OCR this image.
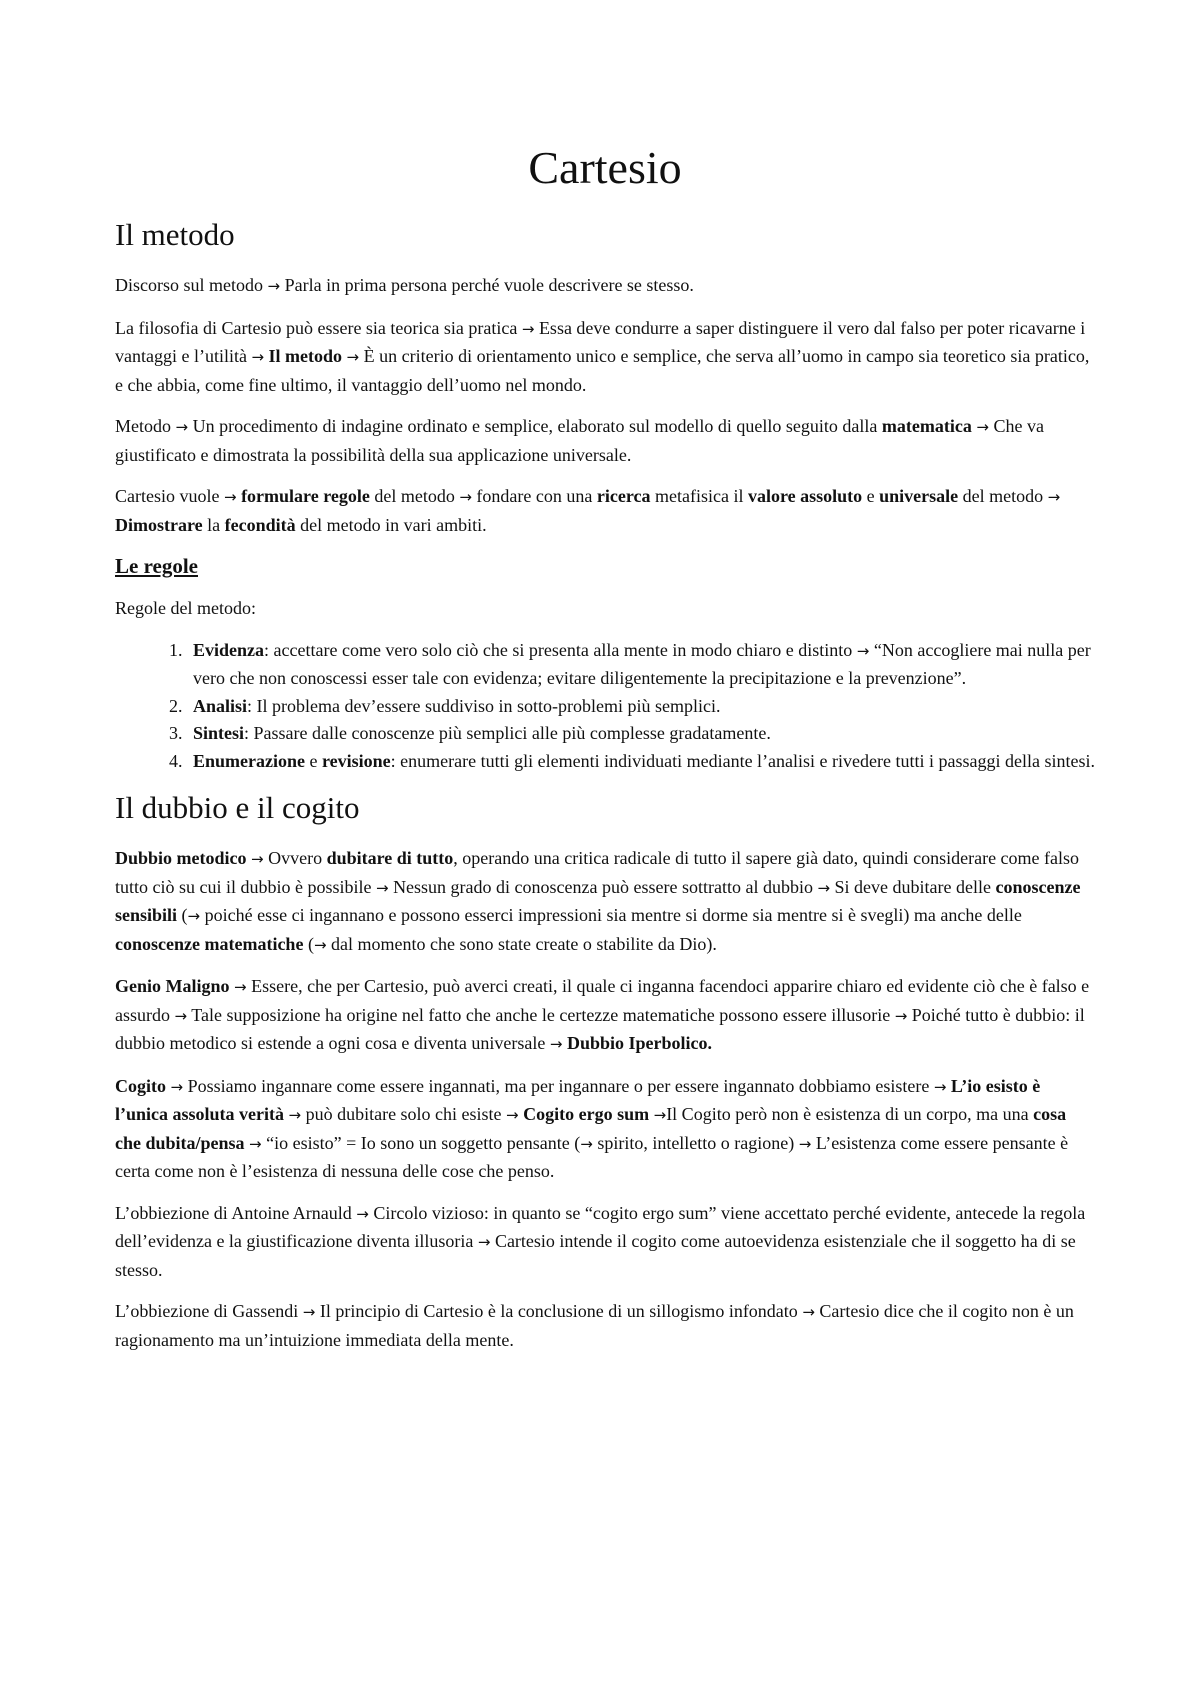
Cartesio
Il metodo

Discorso sul metodo → Parla in prima persona perché vuole descrivere se stesso.

La filosofia di Cartesio può essere sia teorica sia pratica → Essa deve condurre a saper distinguere il vero dal falso per poter ricavarne i vantaggi e l’utilità → Il metodo → È un criterio di orientamento unico e semplice, che serva all’uomo in campo sia teoretico sia pratico, e che abbia, come fine ultimo, il vantaggio dell’uomo nel mondo.

Metodo → Un procedimento di indagine ordinato e semplice, elaborato sul modello di quello seguito dalla matematica → Che va giustificato e dimostrata la possibilità della sua applicazione universale.

Cartesio vuole → formulare regole del metodo → fondare con una ricerca metafisica il valore assoluto e universale del metodo → Dimostrare la fecondità del metodo in vari ambiti.

Le regole

Regole del metodo:

1. Evidenza: accettare come vero solo ciò che si presenta alla mente in modo chiaro e distinto → “Non accogliere mai nulla per vero che non conoscessi esser tale con evidenza; evitare diligentemente la precipitazione e la prevenzione”.
2. Analisi: Il problema dev’essere suddiviso in sotto-problemi più semplici.
3. Sintesi: Passare dalle conoscenze più semplici alle più complesse gradatamente.
4. Enumerazione e revisione: enumerare tutti gli elementi individuati mediante l’analisi e rivedere tutti i passaggi della sintesi.
Il dubbio e il cogito

Dubbio metodico → Ovvero dubitare di tutto, operando una critica radicale di tutto il sapere già dato, quindi considerare come falso tutto ciò su cui il dubbio è possibile → Nessun grado di conoscenza può essere sottratto al dubbio → Si deve dubitare delle conoscenze sensibili (→ poiché esse ci ingannano e possono esserci impressioni sia mentre si dorme sia mentre si è svegli) ma anche delle conoscenze matematiche (→ dal momento che sono state create o stabilite da Dio).

Genio Maligno → Essere, che per Cartesio, può averci creati, il quale ci inganna facendoci apparire chiaro ed evidente ciò che è falso e assurdo → Tale supposizione ha origine nel fatto che anche le certezze matematiche possono essere illusorie → Poiché tutto è dubbio: il dubbio metodico si estende a ogni cosa e diventa universale → Dubbio Iperbolico.

Cogito → Possiamo ingannare come essere ingannati, ma per ingannare o per essere ingannato dobbiamo esistere → L’io esisto è l’unica assoluta verità → può dubitare solo chi esiste → Cogito ergo sum →Il Cogito però non è esistenza di un corpo, ma una cosa che dubita/pensa → “io esisto” = Io sono un soggetto pensante (→ spirito, intelletto o ragione) → L’esistenza come essere pensante è certa come non è l’esistenza di nessuna delle cose che penso.

L’obbiezione di Antoine Arnauld → Circolo vizioso: in quanto se “cogito ergo sum” viene accettato perché evidente, antecede la regola dell’evidenza e la giustificazione diventa illusoria → Cartesio intende il cogito come autoevidenza esistenziale che il soggetto ha di se stesso.

L’obbiezione di Gassendi → Il principio di Cartesio è la conclusione di un sillogismo infondato → Cartesio dice che il cogito non è un ragionamento ma un’intuizione immediata della mente.
